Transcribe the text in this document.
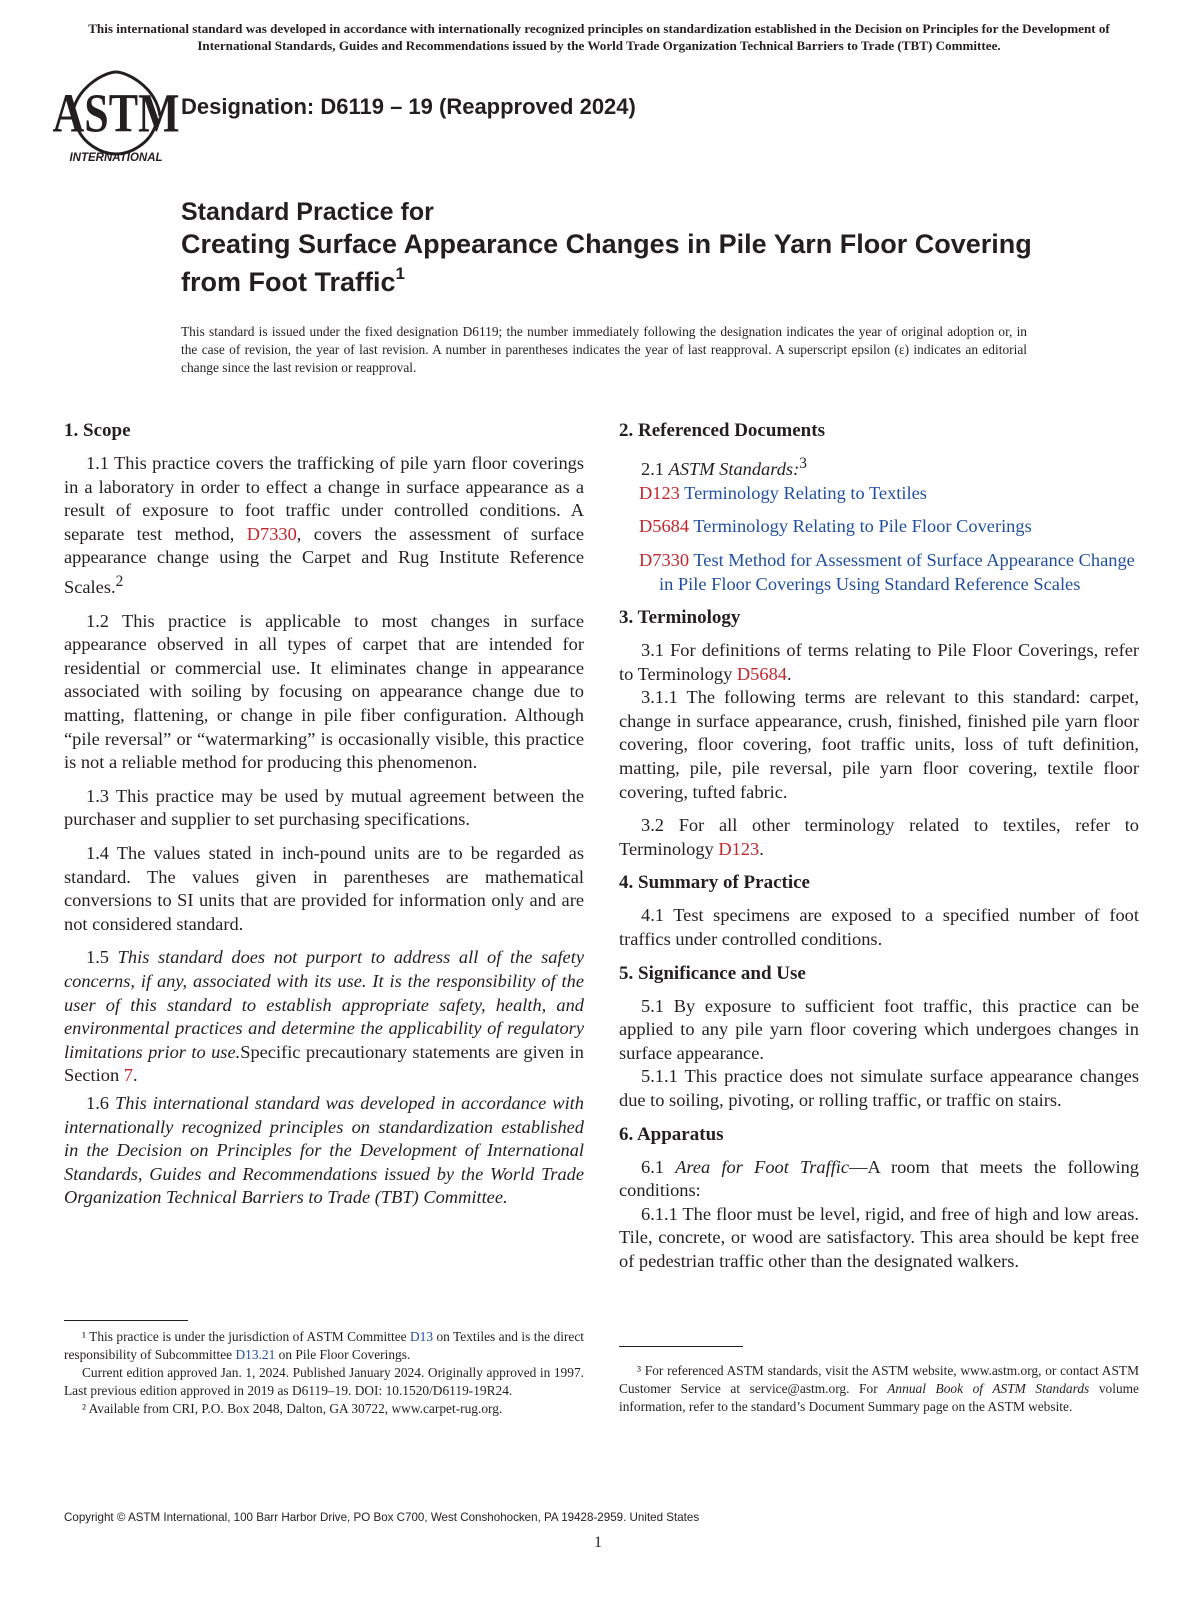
This international standard was developed in accordance with internationally recognized principles on standardization established in the Decision on Principles for the Development of International Standards, Guides and Recommendations issued by the World Trade Organization Technical Barriers to Trade (TBT) Committee.

ASTM
INTERNATIONAL

Designation: D6119 – 19 (Reapproved 2024)

Standard Practice for

Creating Surface Appearance Changes in Pile Yarn Floor Covering from Foot Traffic$^1$

This standard is issued under the fixed designation D6119; the number immediately following the designation indicates the year of original adoption or, in the case of revision, the year of last revision. A number in parentheses indicates the year of last reapproval. A superscript epsilon (ε) indicates an editorial change since the last revision or reapproval.

1. Scope

1.1 This practice covers the trafficking of pile yarn floor coverings in a laboratory in order to effect a change in surface appearance as a result of exposure to foot traffic under controlled conditions. A separate test method, D7330, covers the assessment of surface appearance change using the Carpet and Rug Institute Reference Scales.$^2$

1.2 This practice is applicable to most changes in surface appearance observed in all types of carpet that are intended for residential or commercial use. It eliminates change in appearance associated with soiling by focusing on appearance change due to matting, flattening, or change in pile fiber configuration. Although “pile reversal” or “watermarking” is occasionally visible, this practice is not a reliable method for producing this phenomenon.

1.3 This practice may be used by mutual agreement between the purchaser and supplier to set purchasing specifications.

1.4 The values stated in inch-pound units are to be regarded as standard. The values given in parentheses are mathematical conversions to SI units that are provided for information only and are not considered standard.

1.5 This standard does not purport to address all of the safety concerns, if any, associated with its use. It is the responsibility of the user of this standard to establish appropriate safety, health, and environmental practices and determine the applicability of regulatory limitations prior to use.Specific precautionary statements are given in Section 7.

1.6 This international standard was developed in accordance with internationally recognized principles on standardization established in the Decision on Principles for the Development of International Standards, Guides and Recommendations issued by the World Trade Organization Technical Barriers to Trade (TBT) Committee.

2. Referenced Documents

2.1 ASTM Standards:$^3$

D123 Terminology Relating to Textiles

D5684 Terminology Relating to Pile Floor Coverings

D7330 Test Method for Assessment of Surface Appearance Change in Pile Floor Coverings Using Standard Reference Scales

3. Terminology

3.1 For definitions of terms relating to Pile Floor Coverings, refer to Terminology D5684.

3.1.1 The following terms are relevant to this standard: carpet, change in surface appearance, crush, finished, finished pile yarn floor covering, floor covering, foot traffic units, loss of tuft definition, matting, pile, pile reversal, pile yarn floor covering, textile floor covering, tufted fabric.

3.2 For all other terminology related to textiles, refer to Terminology D123.

4. Summary of Practice

4.1 Test specimens are exposed to a specified number of foot traffics under controlled conditions.

5. Significance and Use

5.1 By exposure to sufficient foot traffic, this practice can be applied to any pile yarn floor covering which undergoes changes in surface appearance.

5.1.1 This practice does not simulate surface appearance changes due to soiling, pivoting, or rolling traffic, or traffic on stairs.

6. Apparatus

6.1 Area for Foot Traffic—A room that meets the following conditions:

6.1.1 The floor must be level, rigid, and free of high and low areas. Tile, concrete, or wood are satisfactory. This area should be kept free of pedestrian traffic other than the designated walkers.

¹ This practice is under the jurisdiction of ASTM Committee D13 on Textiles and is the direct responsibility of Subcommittee D13.21 on Pile Floor Coverings.

Current edition approved Jan. 1, 2024. Published January 2024. Originally approved in 1997. Last previous edition approved in 2019 as D6119–19. DOI: 10.1520/D6119-19R24.

² Available from CRI, P.O. Box 2048, Dalton, GA 30722, www.carpet-rug.org.

³ For referenced ASTM standards, visit the ASTM website, www.astm.org, or contact ASTM Customer Service at service@astm.org. For Annual Book of ASTM Standards volume information, refer to the standard’s Document Summary page on the ASTM website.

Copyright © ASTM International, 100 Barr Harbor Drive, PO Box C700, West Conshohocken, PA 19428-2959. United States

1
